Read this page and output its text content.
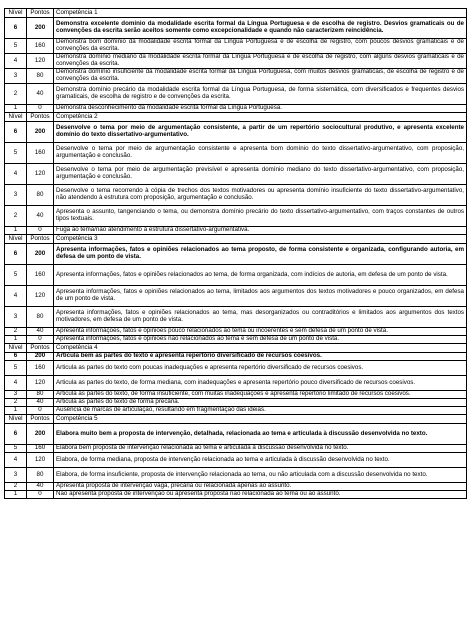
Nível	Pontos	Competência 1
6	200	Demonstra excelente domínio da modalidade escrita formal da Língua Portuguesa e de escolha de registro. Desvios gramaticais ou de convenções da escrita serão aceitos somente como excepcionalidade e quando não caracterizem reincidência.
5	160	Demonstra bom domínio da modalidade escrita formal da Língua Portuguesa e de escolha de registro, com poucos desvios gramaticais e de convenções da escrita.
4	120	Demonstra domínio mediano da modalidade escrita formal da Língua Portuguesa e de escolha de registro, com alguns desvios gramaticais e de convenções da escrita.
3	80	Demonstra domínio insuficiente da modalidade escrita formal da Língua Portuguesa, com muitos desvios gramaticais, de escolha de registro e de convenções da escrita.
2	40	Demonstra domínio precário da modalidade escrita formal da Língua Portuguesa, de forma sistemática, com diversificados e frequentes desvios gramaticais, de escolha de registro e de convenções da escrita.
1	0	Demonstra desconhecimento da modalidade escrita formal da Língua Portuguesa.
Nível	Pontos	Competência 2
6	200	Desenvolve o tema por meio de argumentação consistente, a partir de um repertório sociocultural produtivo, e apresenta excelente domínio do texto dissertativo-argumentativo.
5	160	Desenvolve o tema por meio de argumentação consistente e apresenta bom domínio do texto dissertativo-argumentativo, com proposição, argumentação e conclusão.
4	120	Desenvolve o tema por meio de argumentação previsível e apresenta domínio mediano do texto dissertativo-argumentativo, com proposição, argumentação e conclusão.
3	80	Desenvolve o tema recorrendo à cópia de trechos dos textos motivadores ou apresenta domínio insuficiente do texto dissertativo-argumentativo, não atendendo à estrutura com proposição, argumentação e conclusão.
2	40	Apresenta o assunto, tangenciando o tema, ou demonstra domínio precário do texto dissertativo-argumentativo, com traços constantes de outros tipos textuais.
1	0	Fuga ao tema/não atendimento à estrutura dissertativo-argumentativa.
Nível	Pontos	Competência 3
6	200	Apresenta informações, fatos e opiniões relacionados ao tema proposto, de forma consistente e organizada, configurando autoria, em defesa de um ponto de vista.
5	160	Apresenta informações, fatos e opiniões relacionados ao tema, de forma organizada, com indícios de autoria, em defesa de um ponto de vista.
4	120	Apresenta informações, fatos e opiniões relacionados ao tema, limitados aos argumentos dos textos motivadores e pouco organizados, em defesa de um ponto de vista.
3	80	Apresenta informações, fatos e opiniões relacionados ao tema, mas desorganizados ou contraditórios e limitados aos argumentos dos textos motivadores, em defesa de um ponto de vista.
2	40	Apresenta informações, fatos e opiniões pouco relacionados ao tema ou incoerentes e sem defesa de um ponto de vista.
1	0	Apresenta informações, fatos e opiniões não relacionados ao tema e sem defesa de um ponto de vista.
Nível	Pontos	Competência 4
6	200	Articula bem as partes do texto e apresenta repertório diversificado de recursos coesivos.
5	160	Articula as partes do texto com poucas inadequações e apresenta repertório diversificado de recursos coesivos.
4	120	Articula as partes do texto, de forma mediana, com inadequações e apresenta repertório pouco diversificado de recursos coesivos.
3	80	Articula as partes do texto, de forma insuficiente, com muitas inadequações e apresenta repertório limitado de recursos coesivos.
2	40	Articula as partes do texto de forma precária.
1	0	Ausência de marcas de articulação, resultando em fragmentação das ideias.
Nível	Pontos	Competência 5
6	200	Elabora muito bem a proposta de intervenção, detalhada, relacionada ao tema e articulada à discussão desenvolvida no texto.
5	160	Elabora bem proposta de intervenção relacionada ao tema e articulada à discussão desenvolvida no texto.
4	120	Elabora, de forma mediana, proposta de intervenção relacionada ao tema e articulada à discussão desenvolvida no texto.
3	80	Elabora, de forma insuficiente, proposta de intervenção relacionada ao tema, ou não articulada com a discussão desenvolvida no texto.
2	40	Apresenta proposta de intervenção vaga, precária ou relacionada apenas ao assunto.
1	0	Não apresenta proposta de intervenção ou apresenta proposta não relacionada ao tema ou ao assunto.
